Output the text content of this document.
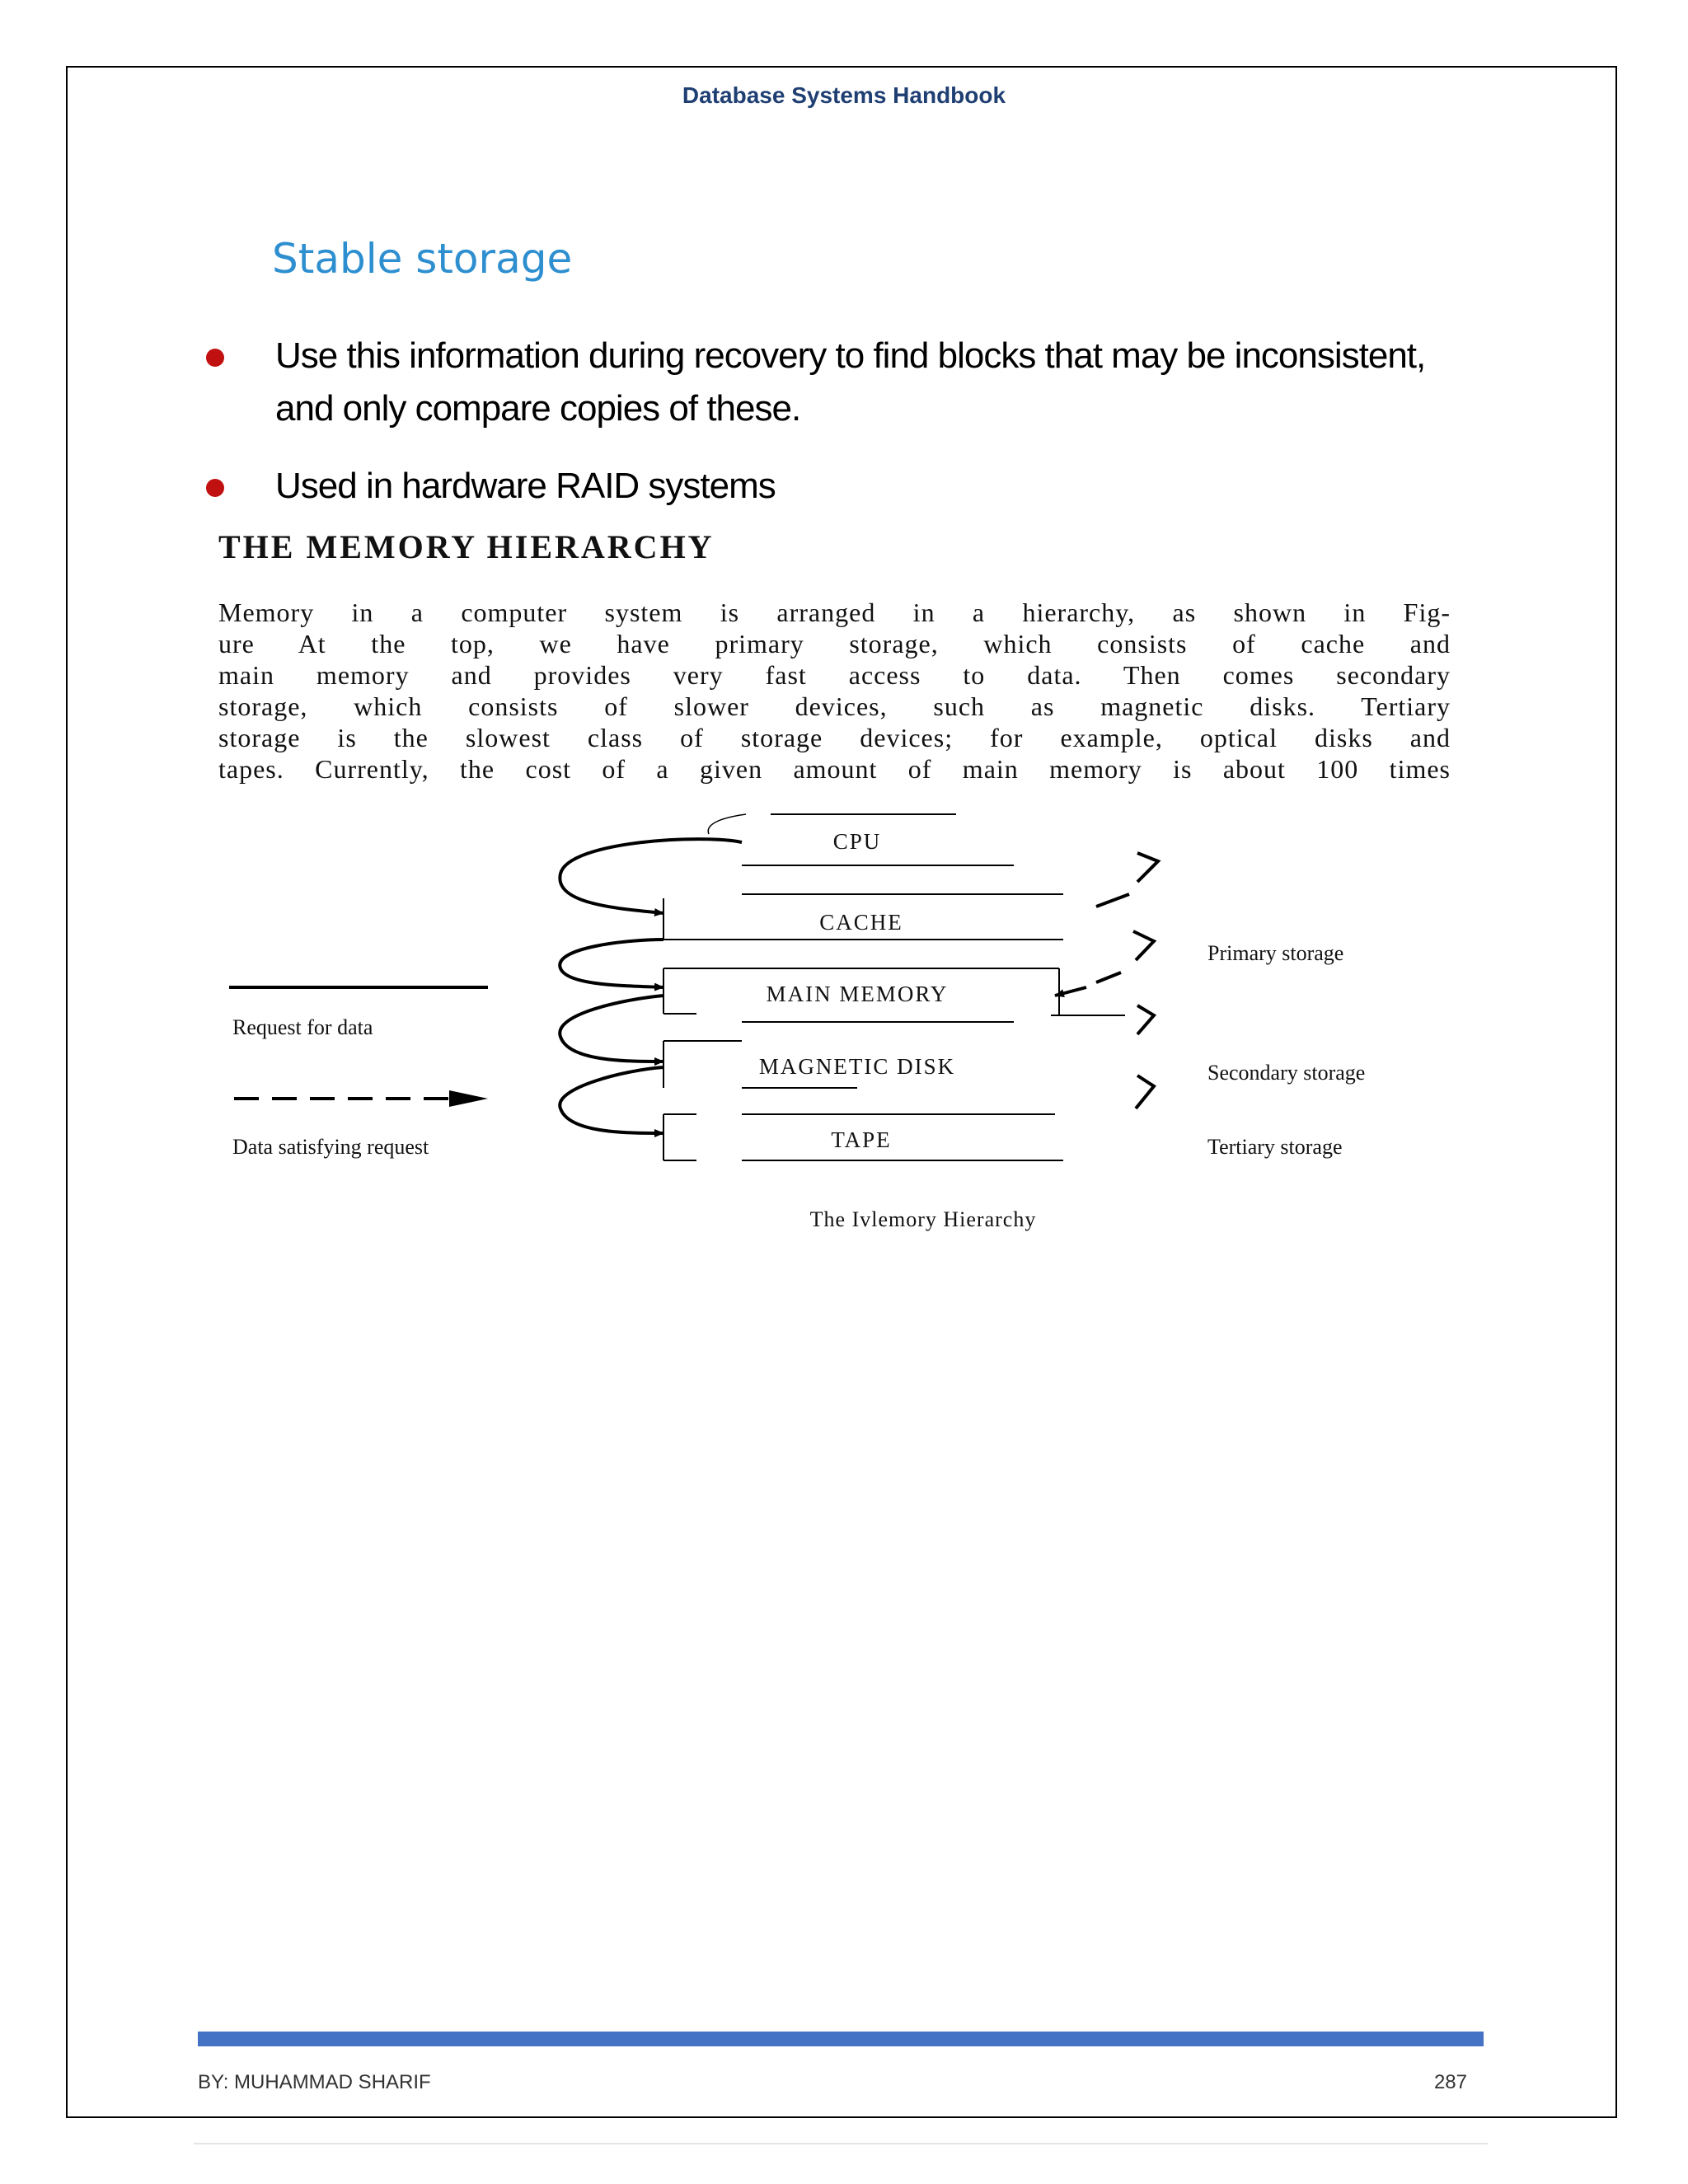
Database Systems Handbook
Stable storage
Use this information during recovery to find blocks that may be inconsistent,
and only compare copies of these.
Used in hardware RAID systems
THE MEMORY HIERARCHY

Memory in a computer system is arranged in a hierarchy, as shown in Fig-
ure At the top, we have primary storage, which consists of cache and
main memory and provides very fast access to data. Then comes secondary
storage, which consists of slower devices, such as magnetic disks. Tertiary
storage is the slowest class of storage devices; for example, optical disks and
tapes. Currently, the cost of a given amount of main memory is about 100 times

CPU
CACHE
MAIN MEMORY
MAGNETIC DISK
TAPE
Request for data
Data satisfying request
Primary storage
Secondary storage
Tertiary storage
The Ivlemory Hierarchy
BY: MUHAMMAD SHARIF	287
